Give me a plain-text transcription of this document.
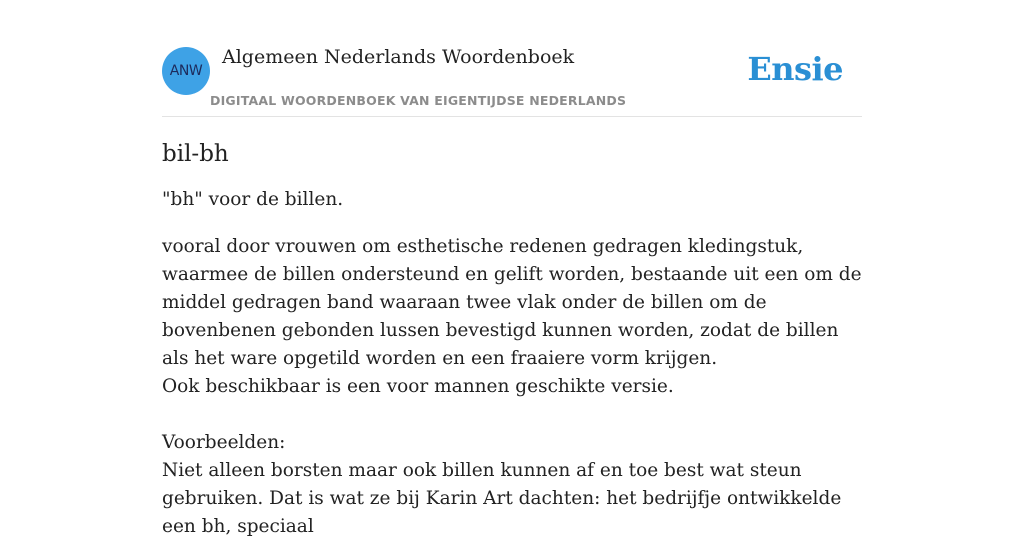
ANW
Algemeen Nederlands Woordenboek
DIGITAAL WOORDENBOEK VAN EIGENTIJDSE NEDERLANDS
Ensie
bil-bh

"bh" voor de billen.

vooral door vrouwen om esthetische redenen gedragen kledingstuk, waarmee de billen ondersteund en gelift worden, bestaande uit een om de middel gedragen band waaraan twee vlak onder de billen om de bovenbenen gebonden lussen bevestigd kunnen worden, zodat de billen als het ware opgetild worden en een fraaiere vorm krijgen.
Ook beschikbaar is een voor mannen geschikte versie.

Voorbeelden:
Niet alleen borsten maar ook billen kunnen af en toe best wat steun gebruiken. Dat is wat ze bij Karin Art dachten: het bedrijfje ontwikkelde een bh, speciaal
